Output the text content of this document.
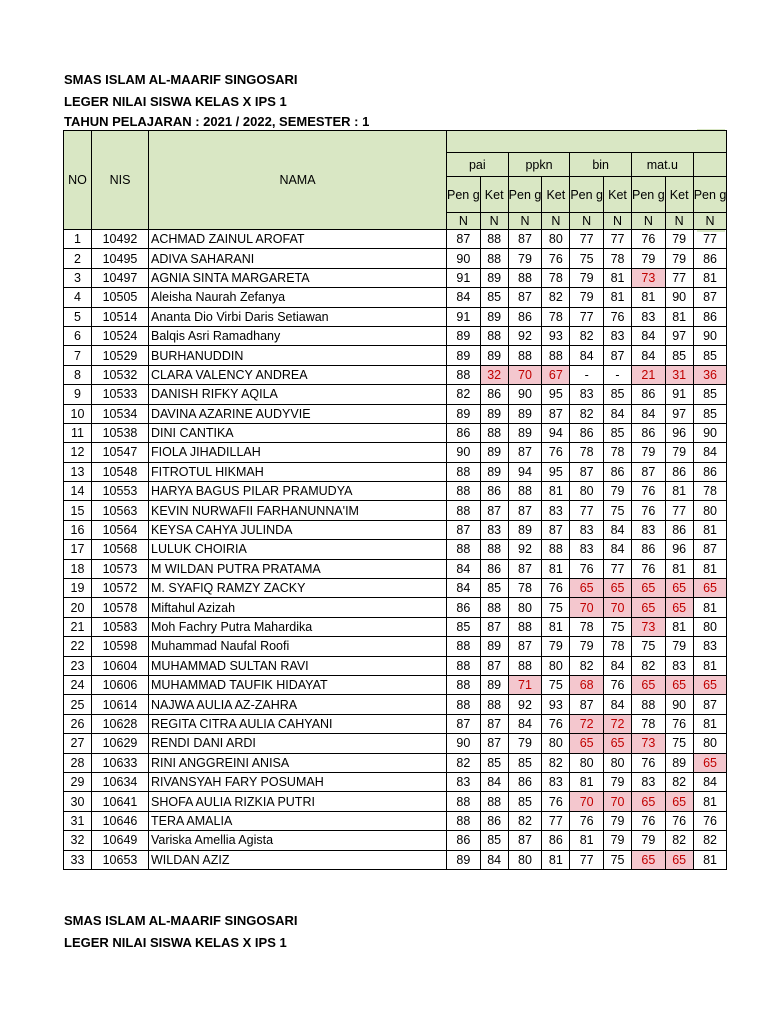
SMAS ISLAM AL-MAARIF SINGOSARI
LEGER NILAI SISWA KELAS X IPS 1
TAHUN PELAJARAN : 2021 / 2022, SEMESTER : 1
NO	NIS	NAMA									
			pai		ppkn		bin		mat.u		
			Pen g	Ket	Pen g	Ket	Pen g	Ket	Pen g	Ket	Pen g
			N	N	N	N	N	N	N	N	N
1	10492	ACHMAD ZAINUL AROFAT	87	88	87	80	77	77	76	79	77
2	10495	ADIVA SAHARANI	90	88	79	76	75	78	79	79	86
3	10497	AGNIA SINTA MARGARETA	91	89	88	78	79	81	73	77	81
4	10505	Aleisha Naurah Zefanya	84	85	87	82	79	81	81	90	87
5	10514	Ananta Dio Virbi Daris Setiawan	91	89	86	78	77	76	83	81	86
6	10524	Balqis Asri Ramadhany	89	88	92	93	82	83	84	97	90
7	10529	BURHANUDDIN	89	89	88	88	84	87	84	85	85
8	10532	CLARA VALENCY ANDREA	88	32	70	67	-	-	21	31	36
9	10533	DANISH RIFKY AQILA	82	86	90	95	83	85	86	91	85
10	10534	DAVINA AZARINE AUDYVIE	89	89	89	87	82	84	84	97	85
11	10538	DINI CANTIKA	86	88	89	94	86	85	86	96	90
12	10547	FIOLA JIHADILLAH	90	89	87	76	78	78	79	79	84
13	10548	FITROTUL HIKMAH	88	89	94	95	87	86	87	86	86
14	10553	HARYA BAGUS PILAR PRAMUDYA	88	86	88	81	80	79	76	81	78
15	10563	KEVIN NURWAFII FARHANUNNA'IM	88	87	87	83	77	75	76	77	80
16	10564	KEYSA CAHYA JULINDA	87	83	89	87	83	84	83	86	81
17	10568	LULUK CHOIRIA	88	88	92	88	83	84	86	96	87
18	10573	M WILDAN PUTRA PRATAMA	84	86	87	81	76	77	76	81	81
19	10572	M. SYAFIQ RAMZY ZACKY	84	85	78	76	65	65	65	65	65
20	10578	Miftahul Azizah	86	88	80	75	70	70	65	65	81
21	10583	Moh Fachry Putra Mahardika	85	87	88	81	78	75	73	81	80
22	10598	Muhammad Naufal Roofi	88	89	87	79	79	78	75	79	83
23	10604	MUHAMMAD SULTAN RAVI	88	87	88	80	82	84	82	83	81
24	10606	MUHAMMAD TAUFIK HIDAYAT	88	89	71	75	68	76	65	65	65
25	10614	NAJWA AULIA AZ-ZAHRA	88	88	92	93	87	84	88	90	87
26	10628	REGITA CITRA AULIA CAHYANI	87	87	84	76	72	72	78	76	81
27	10629	RENDI DANI ARDI	90	87	79	80	65	65	73	75	80
28	10633	RINI ANGGREINI ANISA	82	85	85	82	80	80	76	89	65
29	10634	RIVANSYAH FARY POSUMAH	83	84	86	83	81	79	83	82	84
30	10641	SHOFA AULIA RIZKIA PUTRI	88	88	85	76	70	70	65	65	81
31	10646	TERA AMALIA	88	86	82	77	76	79	76	76	76
32	10649	Variska Amellia Agista	86	85	87	86	81	79	79	82	82
33	10653	WILDAN AZIZ	89	84	80	81	77	75	65	65	81
SMAS ISLAM AL-MAARIF SINGOSARI
LEGER NILAI SISWA KELAS X IPS 1
